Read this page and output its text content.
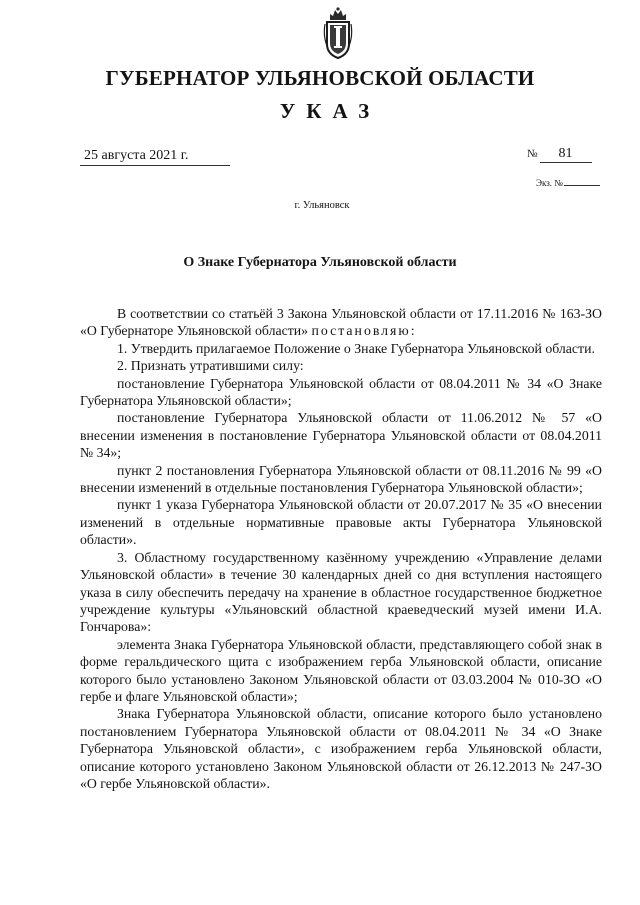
ГУБЕРНАТОР УЛЬЯНОВСКОЙ ОБЛАСТИ
УКАЗ
25 августа 2021 г.	№ 81
Экз. №
г. Ульяновск
О Знаке Губернатора Ульяновской области

В соответствии со статьёй 3 Закона Ульяновской области от 17.11.2016 № 163-ЗО «О Губернаторе Ульяновской области» постановляю:

1. Утвердить прилагаемое Положение о Знаке Губернатора Ульяновской области.

2. Признать утратившими силу:

постановление Губернатора Ульяновской области от 08.04.2011 № 34 «О Знаке Губернатора Ульяновской области»;

постановление Губернатора Ульяновской области от 11.06.2012 № 57 «О внесении изменения в постановление Губернатора Ульяновской области от 08.04.2011 № 34»;

пункт 2 постановления Губернатора Ульяновской области от 08.11.2016 № 99 «О внесении изменений в отдельные постановления Губернатора Ульяновской области»;

пункт 1 указа Губернатора Ульяновской области от 20.07.2017 № 35 «О внесении изменений в отдельные нормативные правовые акты Губернатора Ульяновской области».

3. Областному государственному казённому учреждению «Управление делами Ульяновской области» в течение 30 календарных дней со дня вступления настоящего указа в силу обеспечить передачу на хранение в областное государственное бюджетное учреждение культуры «Ульяновский областной краеведческий музей имени И.А. Гончарова»:

элемента Знака Губернатора Ульяновской области, представляющего собой знак в форме геральдического щита с изображением герба Ульяновской области, описание которого было установлено Законом Ульяновской области от 03.03.2004 № 010-ЗО «О гербе и флаге Ульяновской области»;

Знака Губернатора Ульяновской области, описание которого было установлено постановлением Губернатора Ульяновской области от 08.04.2011 № 34 «О Знаке Губернатора Ульяновской области», с изображением герба Ульяновской области, описание которого установлено Законом Ульяновской области от 26.12.2013 № 247-ЗО «О гербе Ульяновской области».
